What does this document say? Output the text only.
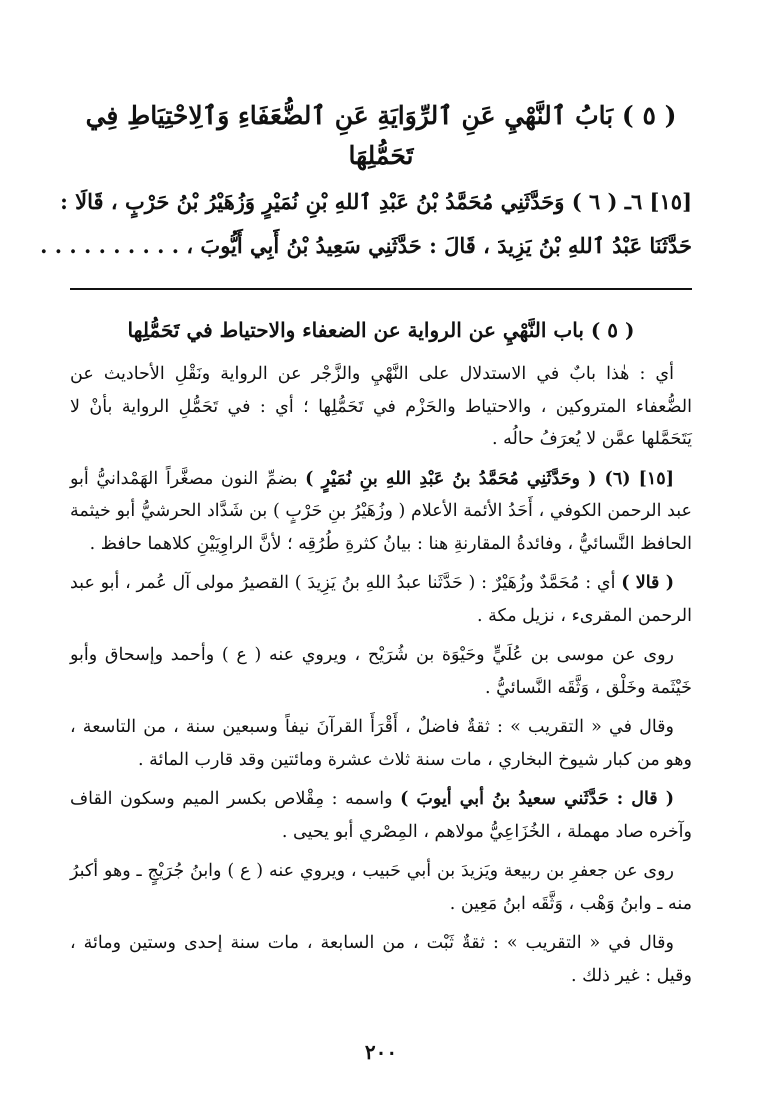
( ٥ ) بَابُ ٱلنَّهْيِ عَنِ ٱلرِّوَايَةِ عَنِ ٱلضُّعَفَاءِ وَٱلِاحْتِيَاطِ فِي تَحَمُّلِهَا

[١٥] ٦ـ ( ٦ ) وَحَدَّثَنِي مُحَمَّدُ بْنُ عَبْدِ ٱللهِ بْنِ نُمَيْرٍ وَزُهَيْرُ بْنُ حَرْبٍ ، قَالَا :

حَدَّثَنَا عَبْدُ ٱللهِ بْنُ يَزِيدَ ، قَالَ : حَدَّثَنِي سَعِيدُ بْنُ أَبِي أَيُّوبَ ، . . . . . . . . . .

( ٥ ) باب النَّهْيِ عن الرواية عن الضعفاء والاحتياط في تَحَمُّلِها

أي : هٰذا بابٌ في الاستدلال على النَّهْيِ والزَّجْر عن الرواية ونَقْلِ الأحاديث عن الضُّعفاء المتروكين ، والاحتياط والحَزْم في تَحَمُّلِها ؛ أي : في تَحَمُّلِ الرواية بأنْ لا يَتَحَمَّلها عمَّن لا يُعرَفُ حالُه .

[١٥] (٦) ( وحَدَّثَنِي مُحَمَّدُ بنُ عَبْدِ اللهِ بنِ نُمَيْرٍ ) بضمِّ النون مصغَّراً الهَمْدانيُّ أبو عبد الرحمن الكوفي ، أَحَدُ الأئمة الأعلام ( وزُهَيْرُ بنِ حَرْبٍ ) بن شَدَّاد الحرشيُّ أبو خيثمة الحافظ النَّسائيُّ ، وفائدةُ المقارنةِ هنا : بيانُ كثرةِ طُرُقِه ؛ لأنَّ الراوِيَيْنِ كلاهما حافظ .

( قالا ) أي : مُحَمَّدٌ وزُهَيْرٌ : ( حَدَّثَنا عبدُ اللهِ بنُ يَزِيدَ ) القصيرُ مولى آل عُمر ، أبو عبد الرحمن المقرىء ، نزيل مكة .

روى عن موسى بن عُلَيٍّ وحَيْوَة بن شُرَيْح ، ويروي عنه ( ع ) وأحمد وإسحاق وأبو خَيْثَمة وخَلْق ، وَثَّقَه النَّسائيُّ .

وقال في « التقريب » : ثقةٌ فاضلٌ ، أَقْرَأَ القرآنَ نيفاً وسبعين سنة ، من التاسعة ، وهو من كبار شيوخ البخاري ، مات سنة ثلاث عشرة ومائتين وقد قارب المائة .

( قال : حَدَّثَني سعيدُ بنُ أبي أيوبَ ) واسمه : مِقْلاص بكسر الميم وسكون القاف وآخره صاد مهملة ، الخُزَاعِيُّ مولاهم ، المِصْري أبو يحيى .

روى عن جعفرِ بن ربيعة ويَزيدَ بن أبي حَبيب ، ويروي عنه ( ع ) وابنُ جُرَيْجٍ ـ وهو أكبرُ منه ـ وابنُ وَهْب ، وَثَّقَه ابنُ مَعِين .

وقال في « التقريب » : ثقةٌ ثَبْت ، من السابعة ، مات سنة إحدى وستين ومائة ، وقيل : غير ذلك .

٢٠٠
